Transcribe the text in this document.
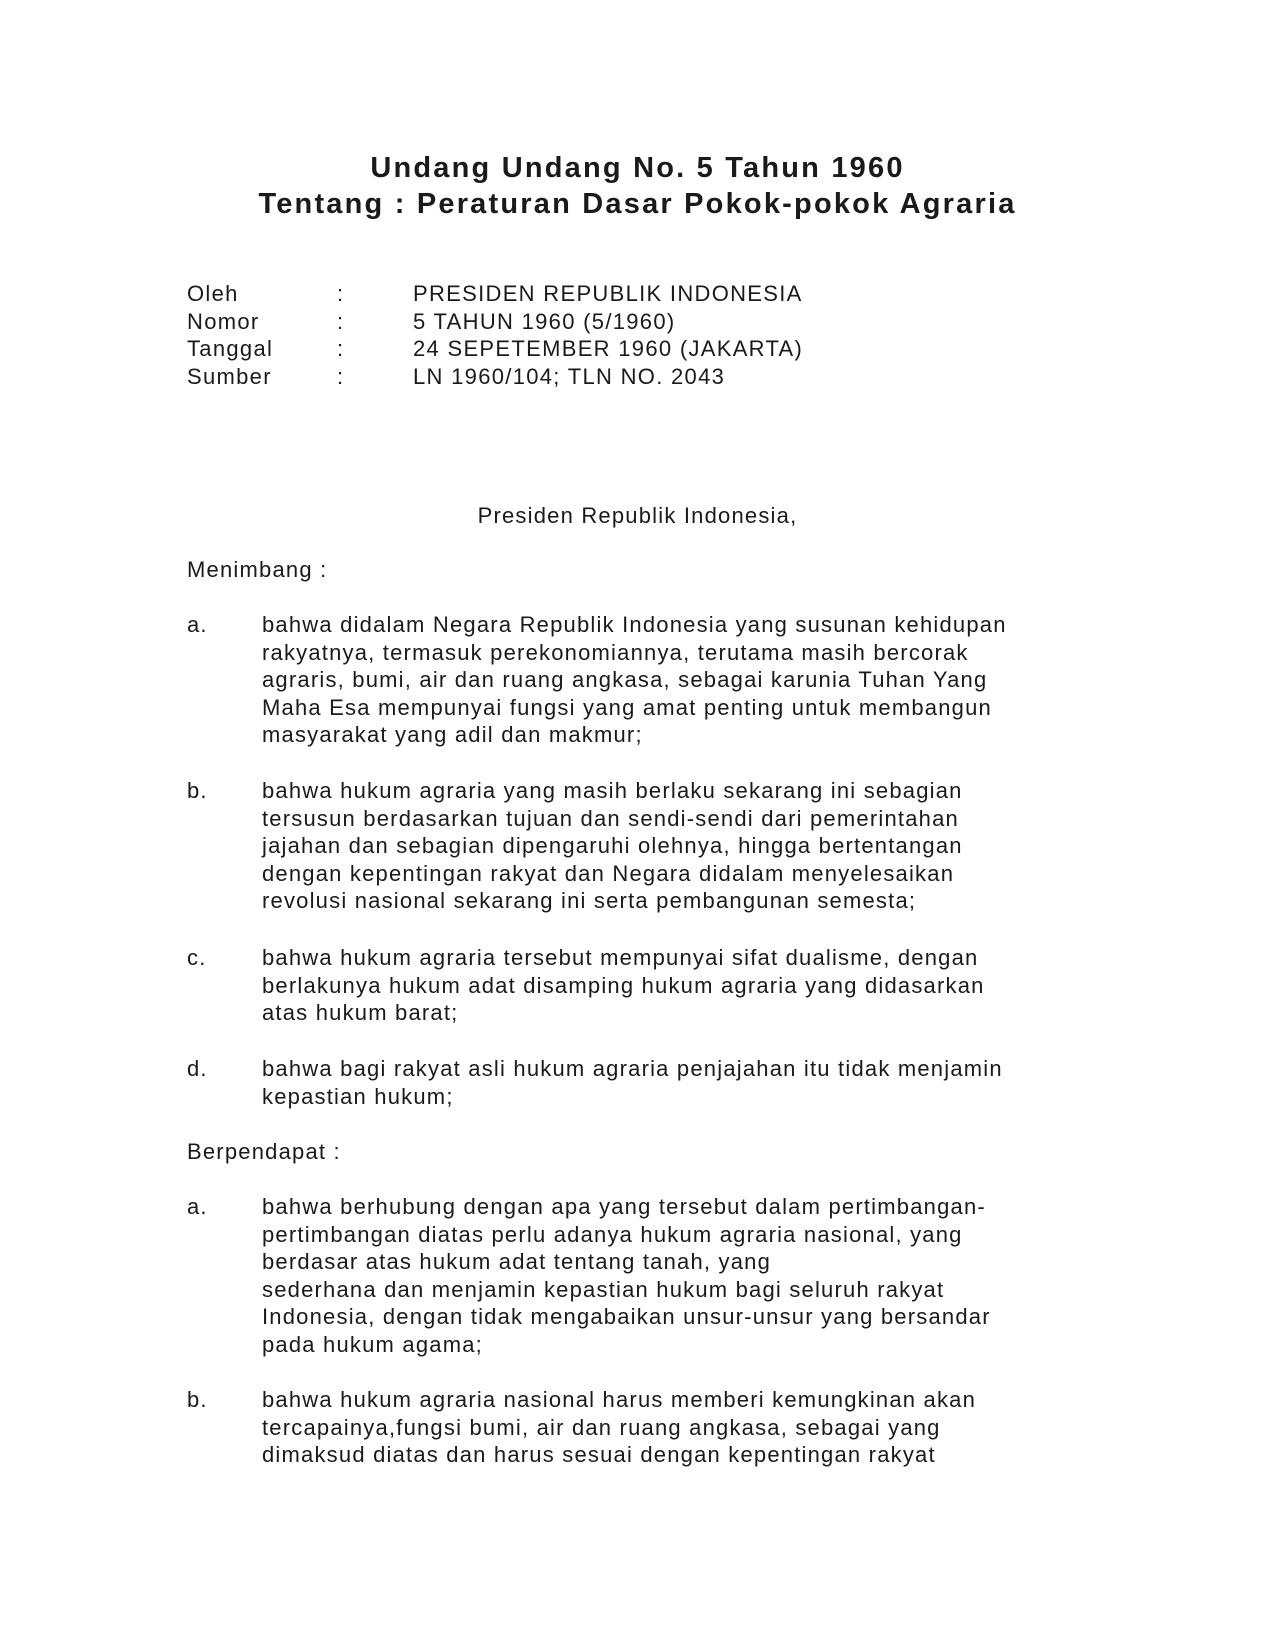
Undang Undang No. 5 Tahun 1960
Tentang : Peraturan Dasar Pokok-pokok Agraria
Oleh	:	PRESIDEN REPUBLIK INDONESIA
Nomor	:	5 TAHUN 1960 (5/1960)
Tanggal	:	24 SEPETEMBER 1960 (JAKARTA)
Sumber	:	LN 1960/104; TLN NO. 2043
Presiden Republik Indonesia,
Menimbang :
a. bahwa didalam Negara Republik Indonesia yang susunan kehidupan
rakyatnya, termasuk perekonomiannya, terutama masih bercorak
agraris, bumi, air dan ruang angkasa, sebagai karunia Tuhan Yang
Maha Esa mempunyai fungsi yang amat penting untuk membangun
masyarakat yang adil dan makmur;
b. bahwa hukum agraria yang masih berlaku sekarang ini sebagian
tersusun berdasarkan tujuan dan sendi-sendi dari pemerintahan
jajahan dan sebagian dipengaruhi olehnya, hingga bertentangan
dengan kepentingan rakyat dan Negara didalam menyelesaikan
revolusi nasional sekarang ini serta pembangunan semesta;
c.	bahwa hukum agraria tersebut mempunyai sifat dualisme, dengan
berlakunya hukum adat disamping hukum agraria yang didasarkan
atas hukum barat;
d. bahwa bagi rakyat asli hukum agraria penjajahan itu tidak menjamin
kepastian hukum;
Berpendapat :
a. bahwa berhubung dengan apa yang tersebut dalam pertimbangan-
pertimbangan diatas perlu adanya hukum agraria nasional, yang
berdasar atas hukum adat tentang tanah, yang
sederhana dan menjamin kepastian hukum bagi seluruh rakyat
Indonesia, dengan tidak mengabaikan unsur-unsur yang bersandar
pada hukum agama;
b. bahwa hukum agraria nasional harus memberi kemungkinan akan
tercapainya,fungsi bumi, air dan ruang angkasa, sebagai yang
dimaksud diatas dan harus sesuai dengan kepentingan rakyat
